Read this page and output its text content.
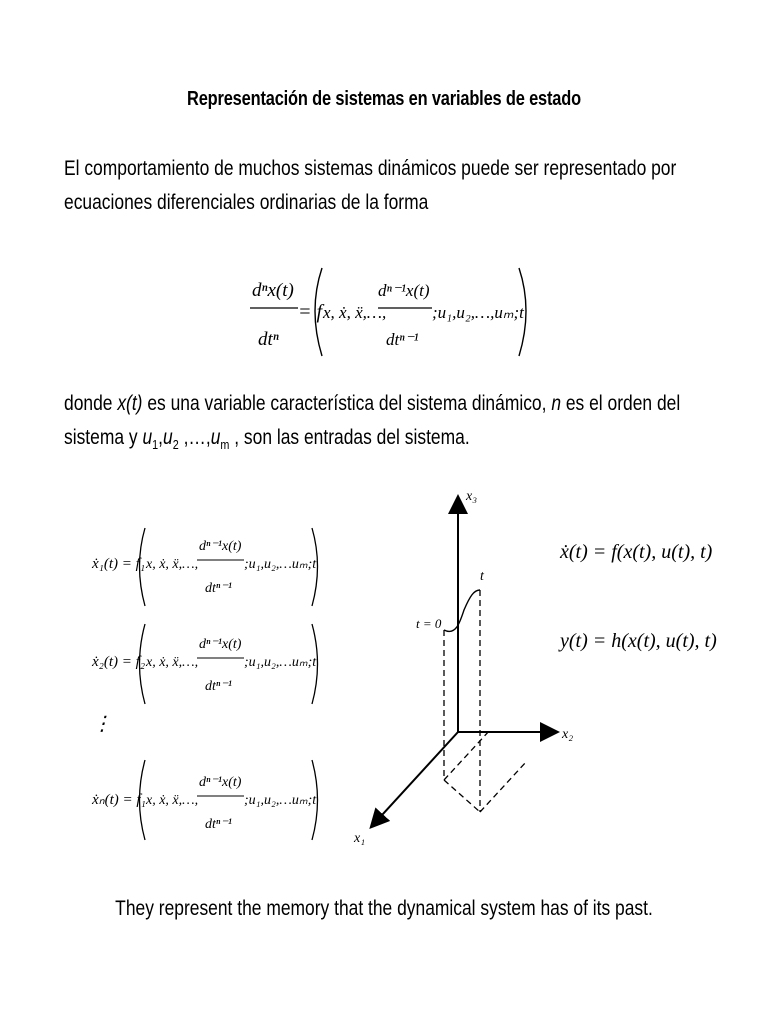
Representación de sistemas en variables de estado
El comportamiento de muchos sistemas dinámicos puede ser representado por
ecuaciones diferenciales ordinarias de la forma
dⁿx(t)
dtⁿ
= f x, ẋ, ẍ,…,
dⁿ⁻¹x(t)
dtⁿ⁻¹
;u₁,u₂,…,uₘ;t
ẋ₁(t) = f₁ x, ẋ, ẍ,…,
dⁿ⁻¹x(t)
dtⁿ⁻¹
;u₁,u₂,…uₘ;t
ẋ₂(t) = f₂ x, ẋ, ẍ,…,
dⁿ⁻¹x(t)
dtⁿ⁻¹
;u₁,u₂,…uₘ;t
⋮
ẋₙ(t) = f₁ x, ẋ, ẍ,…,
dⁿ⁻¹x(t)
dtⁿ⁻¹
;u₁,u₂,…uₘ;t
x₃
x₂
x₁
t = 0
t
ẋ(t) = f(x(t), u(t), t)
y(t) = h(x(t), u(t), t)
donde x(t) es una variable característica del sistema dinámico, n es el orden del
sistema y $u_1,u_2$ $,\dots,u_m$ , son las entradas del sistema.
They represent the memory that the dynamical system has of its past.
